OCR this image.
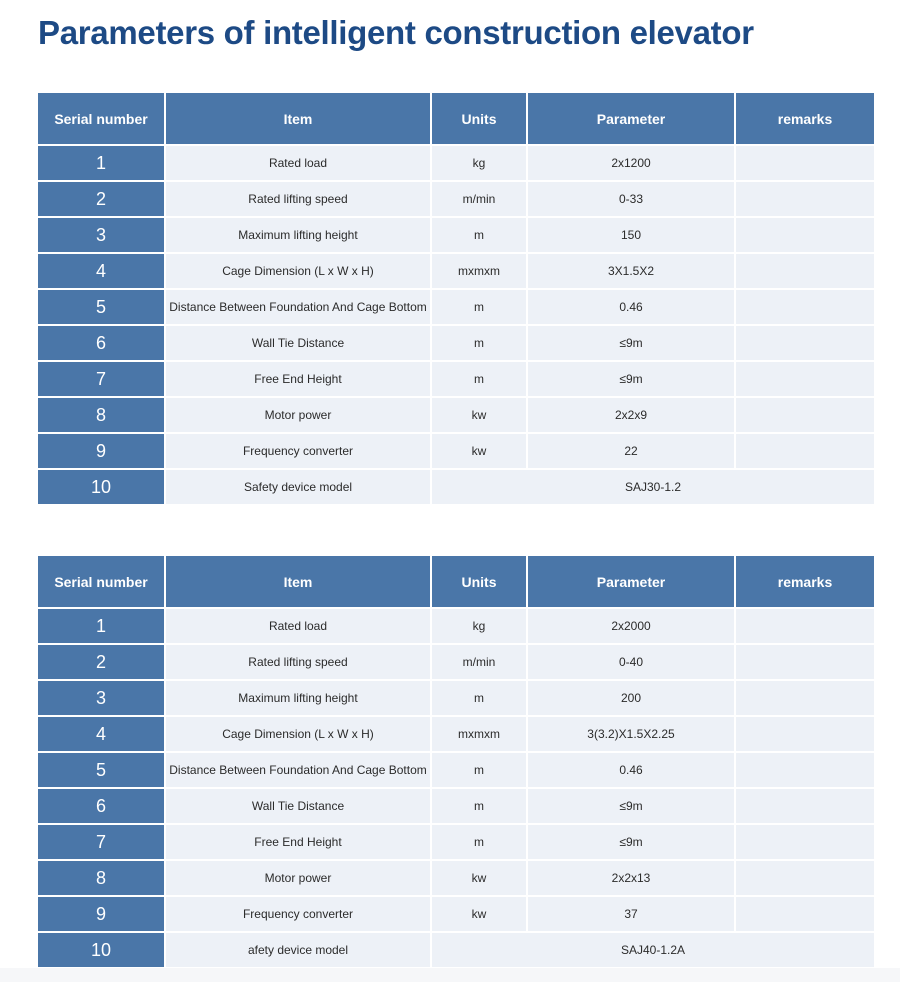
Parameters of intelligent construction elevator
Serial number	Item	Units	Parameter	remarks
1	Rated load	kg	2x1200	
2	Rated lifting speed	m/min	0-33	
3	Maximum lifting height	m	150	
4	Cage Dimension (L x W x H)	mxmxm	3X1.5X2	
5	Distance Between Foundation And Cage Bottom	m	0.46	
6	Wall Tie Distance	m	≤9m	
7	Free End Height	m	≤9m	
8	Motor power	kw	2x2x9	
9	Frequency converter	kw	22	
10	Safety device model	SAJ30-1.2		
Serial number	Item	Units	Parameter	remarks
1	Rated load	kg	2x2000	
2	Rated lifting speed	m/min	0-40	
3	Maximum lifting height	m	200	
4	Cage Dimension (L x W x H)	mxmxm	3(3.2)X1.5X2.25	
5	Distance Between Foundation And Cage Bottom	m	0.46	
6	Wall Tie Distance	m	≤9m	
7	Free End Height	m	≤9m	
8	Motor power	kw	2x2x13	
9	Frequency converter	kw	37	
10	afety device model	SAJ40-1.2A		
